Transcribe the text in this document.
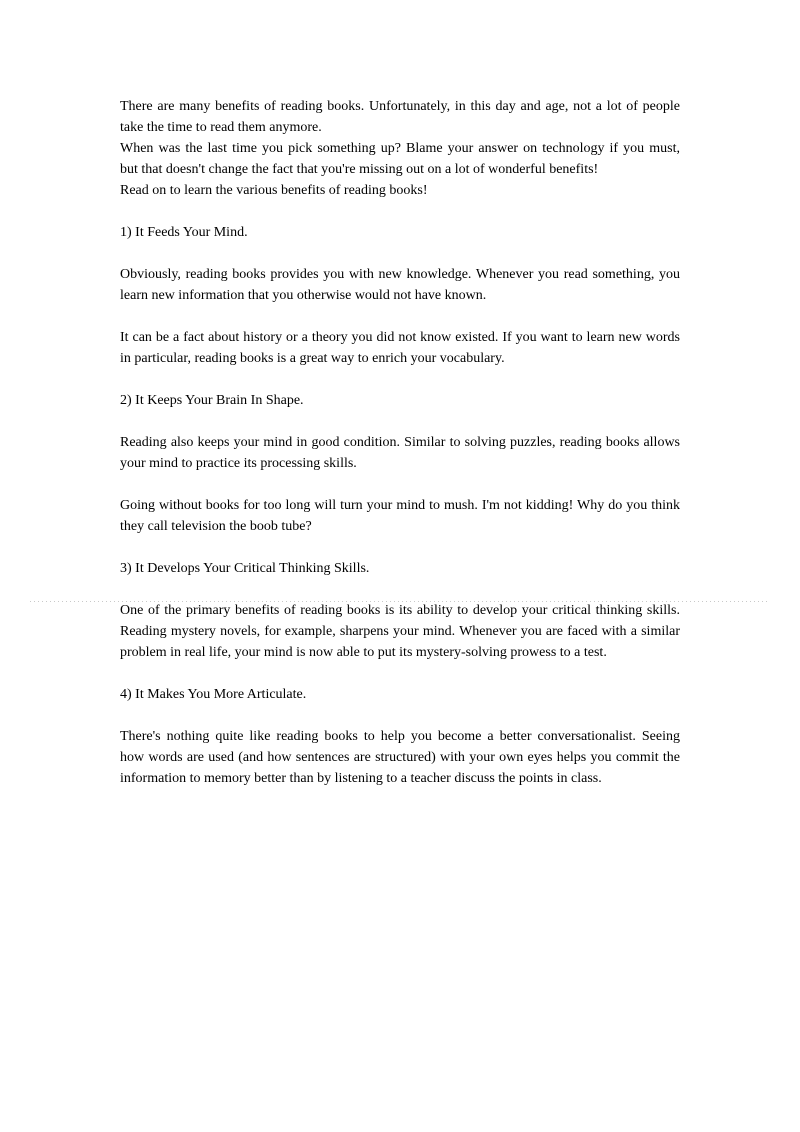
There are many benefits of reading books. Unfortunately, in this day and age, not a lot of people
take the time to read them anymore.
When was the last time you pick something up? Blame your answer on technology if you must,
but that doesn't change the fact that you're missing out on a lot of wonderful benefits!
Read on to learn the various benefits of reading books!
1) It Feeds Your Mind.
Obviously, reading books provides you with new knowledge. Whenever you read something, you
learn new information that you otherwise would not have known.
It can be a fact about history or a theory you did not know existed. If you want to learn new words
in particular, reading books is a great way to enrich your vocabulary.
2) It Keeps Your Brain In Shape.
Reading also keeps your mind in good condition. Similar to solving puzzles, reading books allows
your mind to practice its processing skills.
Going without books for too long will turn your mind to mush. I'm not kidding! Why do you think
they call television the boob tube?
3) It Develops Your Critical Thinking Skills.
One of the primary benefits of reading books is its ability to develop your critical thinking skills.
Reading mystery novels, for example, sharpens your mind. Whenever you are faced with a similar
problem in real life, your mind is now able to put its mystery-solving prowess to a test.
4) It Makes You More Articulate.
There's nothing quite like reading books to help you become a better conversationalist. Seeing
how words are used (and how sentences are structured) with your own eyes helps you commit the
information to memory better than by listening to a teacher discuss the points in class.
